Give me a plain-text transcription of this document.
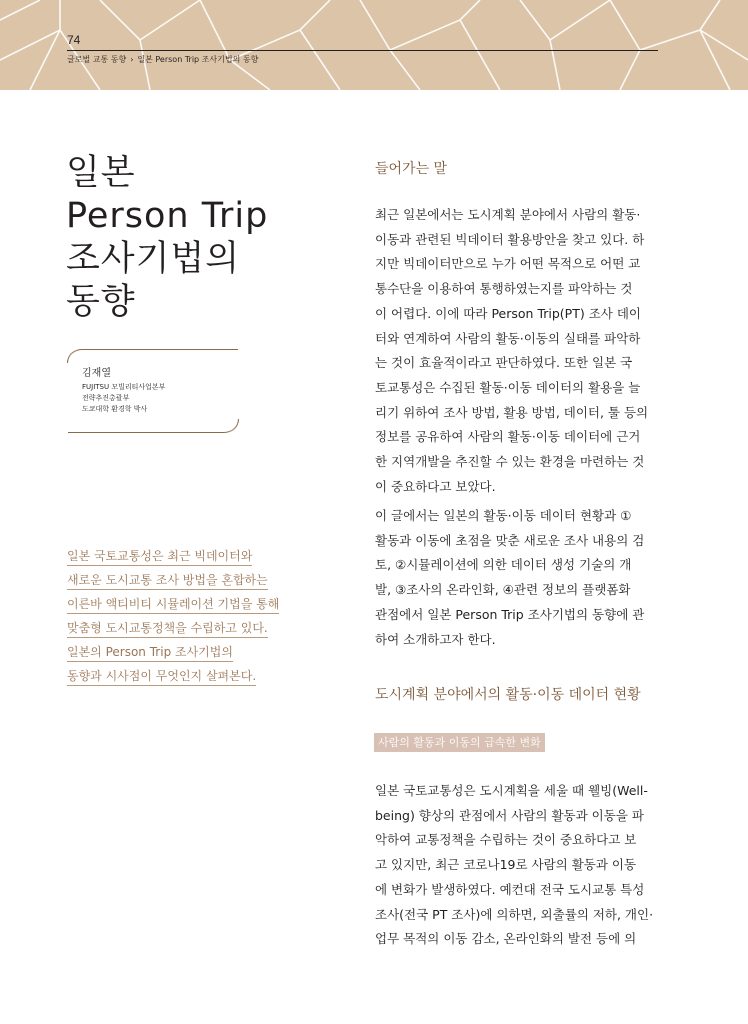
74
글로벌 교통 동향 › 일본 Person Trip 조사기법의 동향
일본
Person Trip
조사기법의
동향
김재열
FUJITSU 모빌리티사업본부
전략추진총괄부
도쿄대학 환경학 박사
일본 국토교통성은 최근 빅데이터와
새로운 도시교통 조사 방법을 혼합하는
이른바 액티비티 시뮬레이션 기법을 통해
맞춤형 도시교통정책을 수립하고 있다.
일본의 Person Trip 조사기법의
동향과 시사점이 무엇인지 살펴본다.
들어가는 말
최근 일본에서는 도시계획 분야에서 사람의 활동·
이동과 관련된 빅데이터 활용방안을 찾고 있다. 하
지만 빅데이터만으로 누가 어떤 목적으로 어떤 교
통수단을 이용하여 통행하였는지를 파악하는 것
이 어렵다. 이에 따라 Person Trip(PT) 조사 데이
터와 연계하여 사람의 활동·이동의 실태를 파악하
는 것이 효율적이라고 판단하였다. 또한 일본 국
토교통성은 수집된 활동·이동 데이터의 활용을 늘
리기 위하여 조사 방법, 활용 방법, 데이터, 툴 등의
정보를 공유하여 사람의 활동·이동 데이터에 근거
한 지역개발을 추진할 수 있는 환경을 마련하는 것
이 중요하다고 보았다.
이 글에서는 일본의 활동·이동 데이터 현황과 ①
활동과 이동에 초점을 맞춘 새로운 조사 내용의 검
토, ②시뮬레이션에 의한 데이터 생성 기술의 개
발, ③조사의 온라인화, ④관련 정보의 플랫폼화
관점에서 일본 Person Trip 조사기법의 동향에 관
하여 소개하고자 한다.
도시계획 분야에서의 활동·이동 데이터 현황
사람의 활동과 이동의 급속한 변화
일본 국토교통성은 도시계획을 세울 때 웰빙(Well-
being) 향상의 관점에서 사람의 활동과 이동을 파
악하여 교통정책을 수립하는 것이 중요하다고 보
고 있지만, 최근 코로나19로 사람의 활동과 이동
에 변화가 발생하였다. 예컨대 전국 도시교통 특성
조사(전국 PT 조사)에 의하면, 외출률의 저하, 개인·
업무 목적의 이동 감소, 온라인화의 발전 등에 의
